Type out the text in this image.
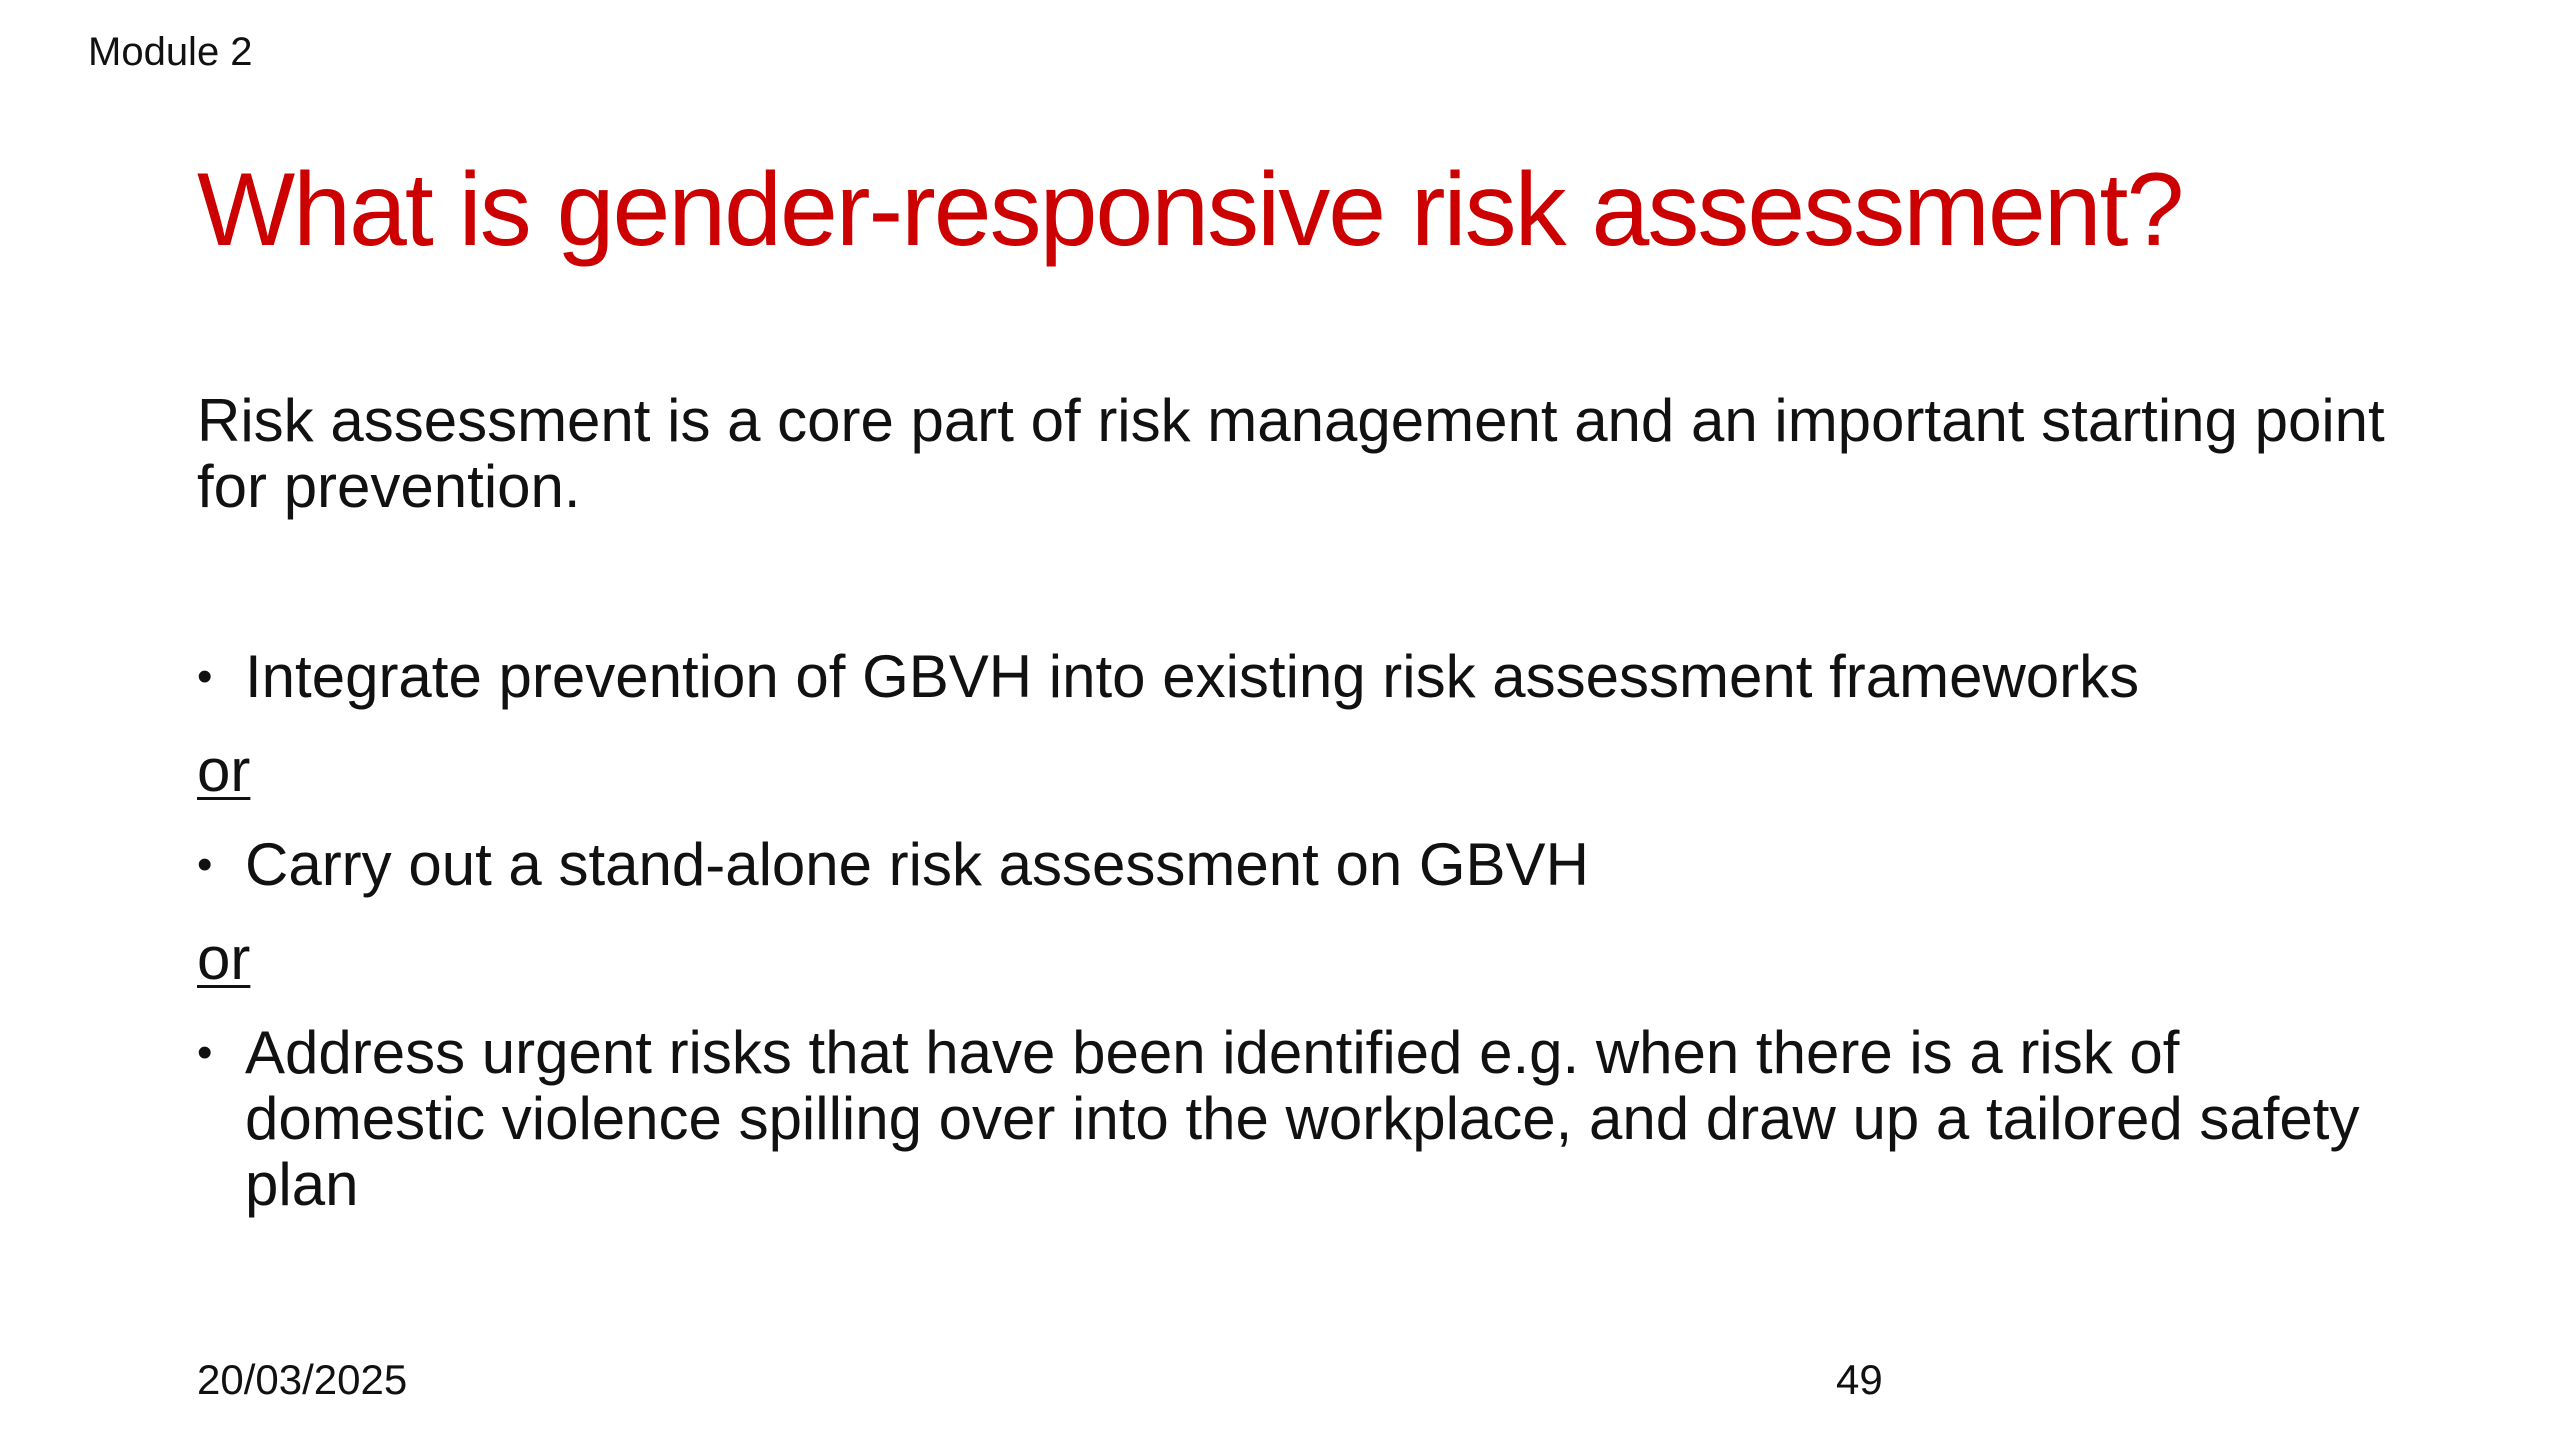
Module 2
What is gender-responsive risk assessment?
Risk assessment is a core part of risk management and an important starting point for prevention.
• Integrate prevention of GBVH into existing risk assessment frameworks
or
• Carry out a stand-alone risk assessment on GBVH
or
• Address urgent risks that have been identified e.g. when there is a risk of domestic violence spilling over into the workplace, and draw up a tailored safety plan
20/03/2025	49
